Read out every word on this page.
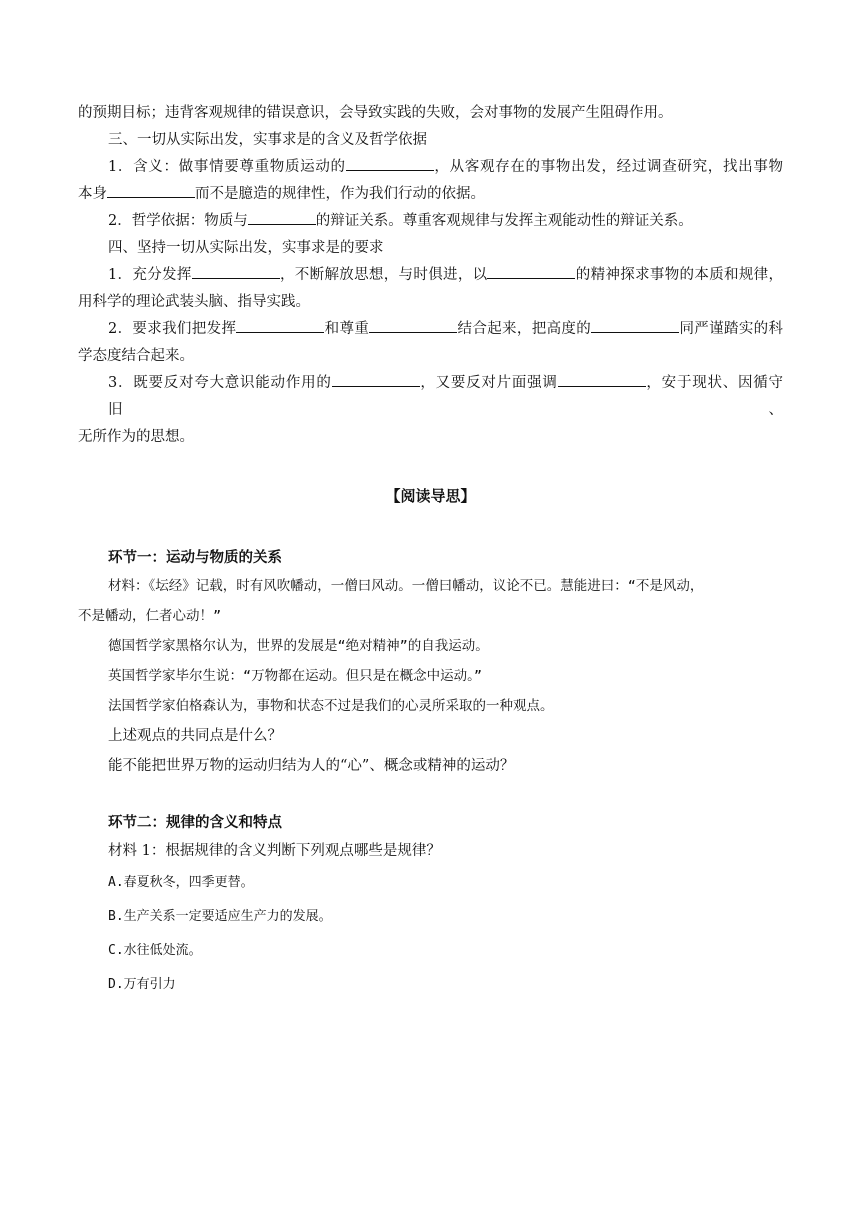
的预期目标；违背客观规律的错误意识，会导致实践的失败，会对事物的发展产生阻碍作用。

三、一切从实际出发，实事求是的含义及哲学依据

1．含义：做事情要尊重物质运动的	，从客观存在的事物出发，经过调查研究，找出事物

本身	而不是臆造的规律性，作为我们行动的依据。

2．哲学依据：物质与	的辩证关系。尊重客观规律与发挥主观能动性的辩证关系。

四、坚持一切从实际出发，实事求是的要求

1．充分发挥	，不断解放思想，与时俱进，以	的精神探求事物的本质和规律，

用科学的理论武装头脑、指导实践。

2．要求我们把发挥	和尊重	结合起来，把高度的	同严谨踏实的科

学态度结合起来。

3．既要反对夸大意识能动作用的	，又要反对片面强调	，安于现状、因循守旧、

无所作为的思想。

【阅读导思】

环节一：运动与物质的关系

材料：《坛经》记载，时有风吹幡动，一僧曰风动。一僧曰幡动，议论不已。慧能进曰：“不是风动，

不是幡动，仁者心动！”

德国哲学家黑格尔认为，世界的发展是“绝对精神”的自我运动。

英国哲学家毕尔生说：“万物都在运动。但只是在概念中运动。”

法国哲学家伯格森认为，事物和状态不过是我们的心灵所采取的一种观点。

上述观点的共同点是什么？

能不能把世界万物的运动归结为人的“心”、概念或精神的运动？

环节二：规律的含义和特点

材料 1：根据规律的含义判断下列观点哪些是规律？

A.春夏秋冬，四季更替。

B.生产关系一定要适应生产力的发展。

C.水往低处流。

D.万有引力
